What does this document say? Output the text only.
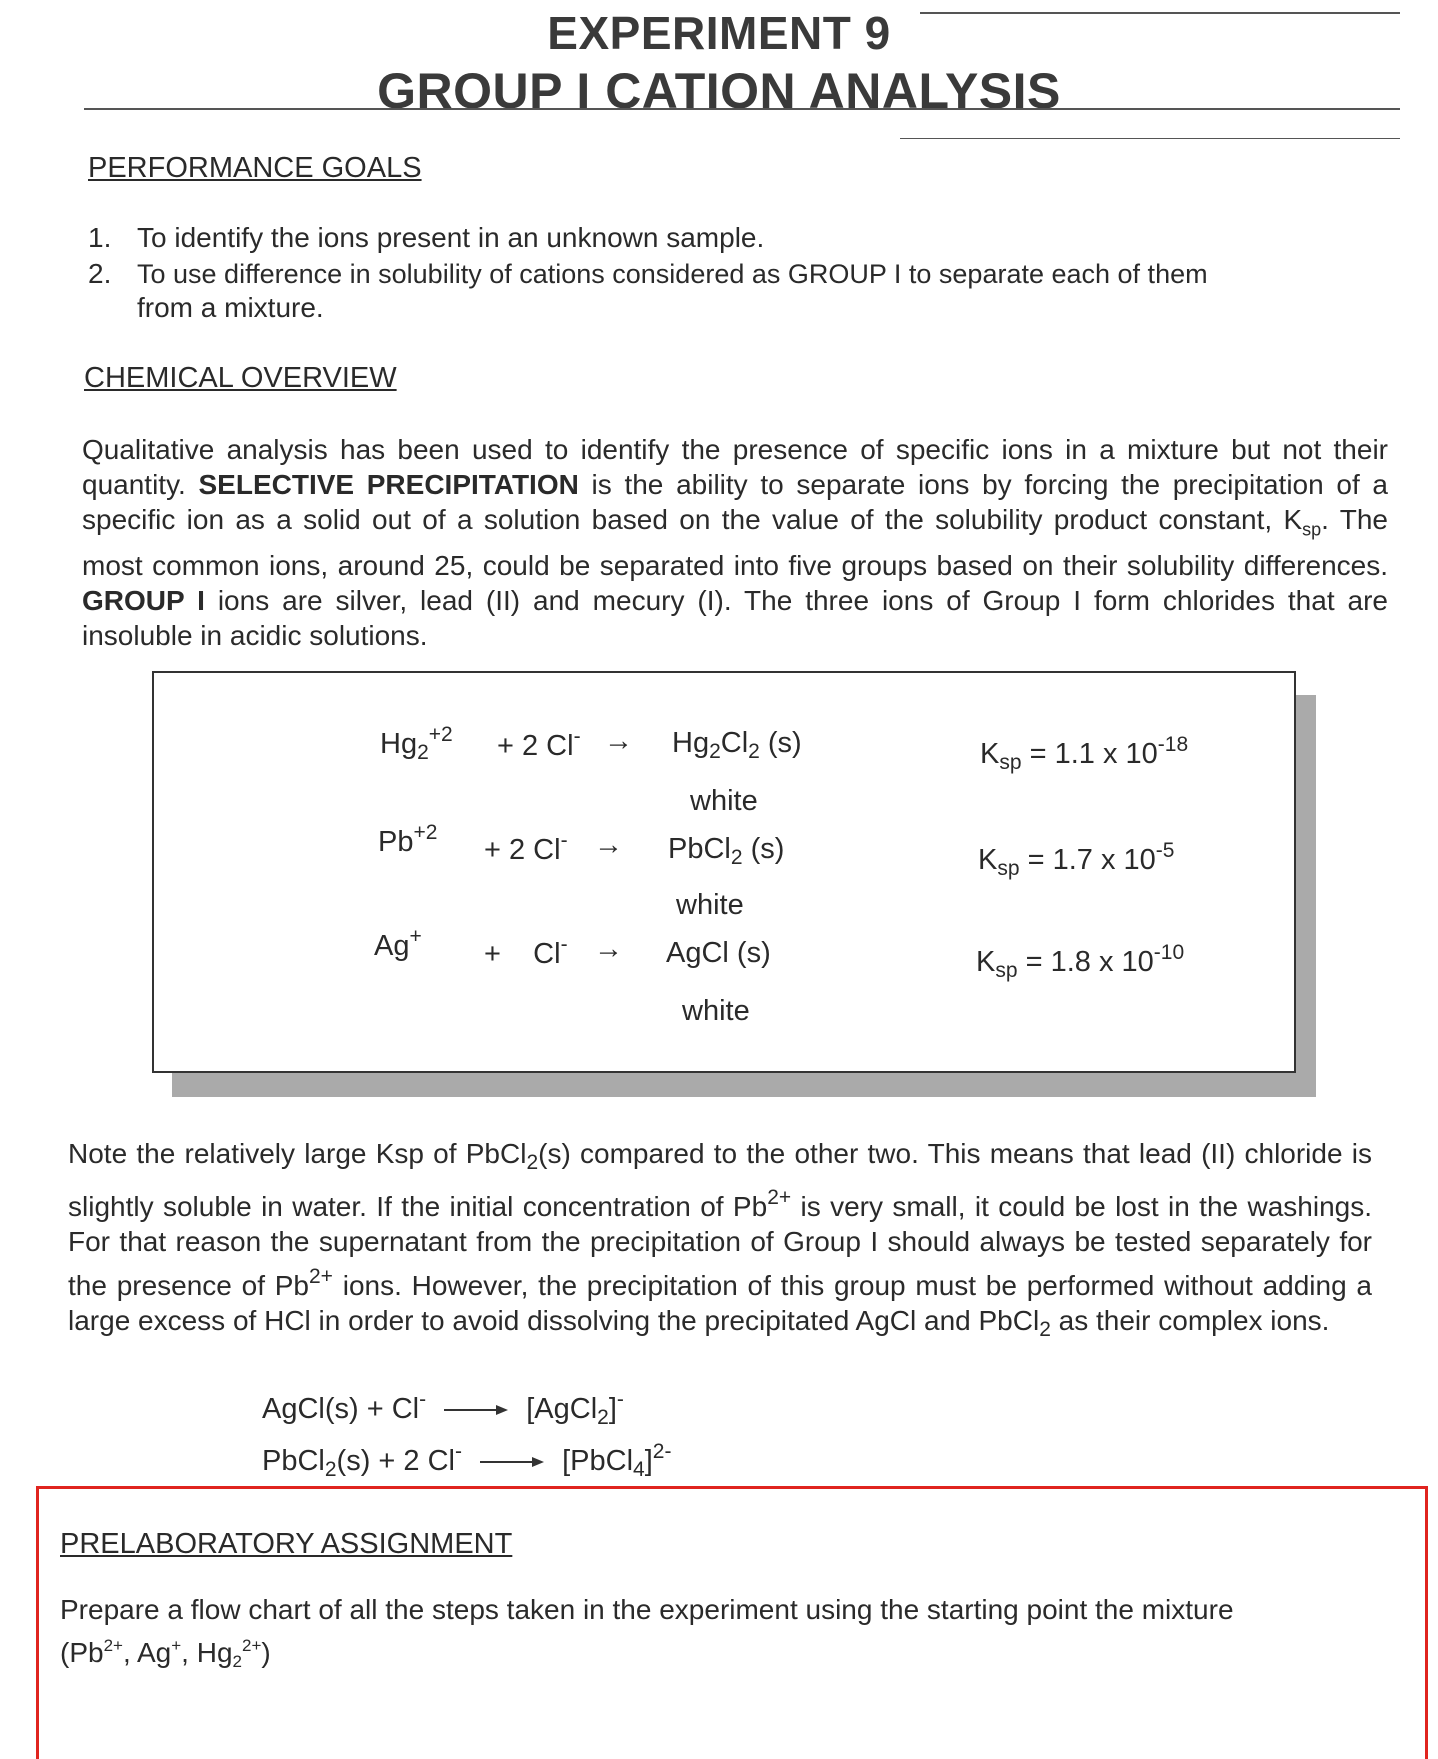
EXPERIMENT 9
GROUP I CATION ANALYSIS
PERFORMANCE GOALS
1. To identify the ions present in an unknown sample.
2. To use difference in solubility of cations considered as GROUP I to separate each of them
from a mixture.
CHEMICAL OVERVIEW
Qualitative analysis has been used to identify the presence of specific ions in a mixture but not their quantity. SELECTIVE PRECIPITATION is the ability to separate ions by forcing the precipitation of a specific ion as a solid out of a solution based on the value of the solubility product constant, $K_{sp}$. The most common ions, around 25, could be separated into five groups based on their solubility differences. GROUP I ions are silver, lead (II) and mecury (I). The three ions of Group I form chlorides that are insoluble in acidic solutions.
$Hg_2^{+2} + 2$ $Cl^- \to Hg_2Cl_2$ (s)
white
$K_{sp} = 1.1$ x $10^{-18}$
$Pb^{+2}$
+ 2 Cl- → PbCl$_2$ (s)
white
$K_{sp} = 1.7$ x $10^{-5}$
Ag+
+    Cl- → AgCl (s)
white
$K_{sp} = 1.8$ x $10^{-10}$
Note the relatively large Ksp of PbCl$_2$(s) compared to the other two. This means that lead (II) chloride is slightly soluble in water. If the initial concentration of $Pb^{2+}$ is very small, it could be lost in the washings. For that reason the supernatant from the precipitation of Group I should always be tested separately for the presence of $Pb^{2+}$ ions. However, the precipitation of this group must be performed without adding a large excess of HCl in order to avoid dissolving the precipitated AgCl and PbCl$_2$ as their complex ions.
AgCl(s) + Cl-	[AgCl$_2$]-
PbCl$_2$(s) + 2 Cl-	[PbCl$_4$]$^{2-}$
PRELABORATORY ASSIGNMENT
Prepare a flow chart of all the steps taken in the experiment using the starting point the mixture
($Pb^{2+}$, Ag+, $Hg_2^{2+}$)
